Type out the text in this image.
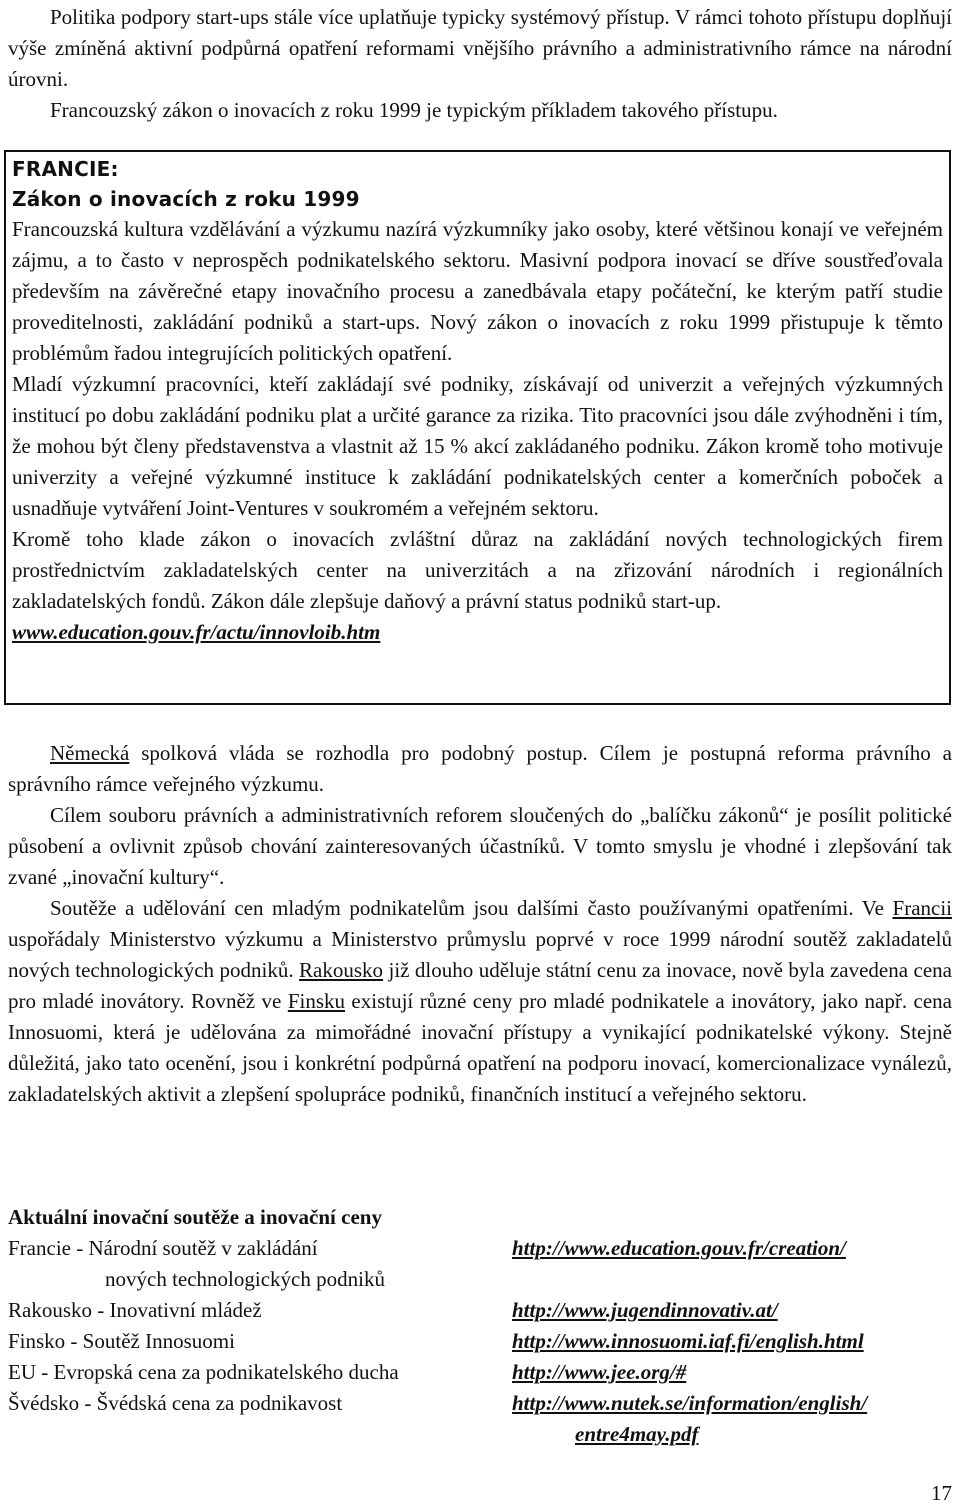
Politika podpory start-ups stále více uplatňuje typicky systémový přístup. V rámci tohoto přístupu doplňují výše zmíněná aktivní podpůrná opatření reformami vnějšího právního a administrativního rámce na národní úrovni.

Francouzský zákon o inovacích z roku 1999 je typickým příkladem takového přístupu.

FRANCIE:
Zákon o inovacích z roku 1999

Francouzská kultura vzdělávání a výzkumu nazírá výzkumníky jako osoby, které většinou konají ve veřejném zájmu, a to často v neprospěch podnikatelského sektoru. Masivní podpora inovací se dříve soustřeďovala především na závěrečné etapy inovačního procesu a zanedbávala etapy počáteční, ke kterým patří studie proveditelnosti, zakládání podniků a start-ups. Nový zákon o inovacích z roku 1999 přistupuje k těmto problémům řadou integrujících politických opatření.

Mladí výzkumní pracovníci, kteří zakládají své podniky, získávají od univerzit a veřejných výzkumných institucí po dobu zakládání podniku plat a určité garance za rizika. Tito pracovníci jsou dále zvýhodněni i tím, že mohou být členy představenstva a vlastnit až 15 % akcí zakládaného podniku. Zákon kromě toho motivuje univerzity a veřejné výzkumné instituce k zakládání podnikatelských center a komerčních poboček a usnadňuje vytváření Joint-Ventures v soukromém a veřejném sektoru.

Kromě toho klade zákon o inovacích zvláštní důraz na zakládání nových technologických firem prostřednictvím zakladatelských center na univerzitách a na zřizování národních i regionálních zakladatelských fondů. Zákon dále zlepšuje daňový a právní status podniků start-up.

www.education.gouv.fr/actu/innovloib.htm

Německá spolková vláda se rozhodla pro podobný postup. Cílem je postupná reforma právního a správního rámce veřejného výzkumu.

Cílem souboru právních a administrativních reforem sloučených do „balíčku zákonů“ je posílit politické působení a ovlivnit způsob chování zainteresovaných účastníků. V tomto smyslu je vhodné i zlepšování tak zvané „inovační kultury“.

Soutěže a udělování cen mladým podnikatelům jsou dalšími často používanými opatřeními. Ve Francii uspořádaly Ministerstvo výzkumu a Ministerstvo průmyslu poprvé v roce 1999 národní soutěž zakladatelů nových technologických podniků. Rakousko již dlouho uděluje státní cenu za inovace, nově byla zavedena cena pro mladé inovátory. Rovněž ve Finsku existují různé ceny pro mladé podnikatele a inovátory, jako např. cena Innosuomi, která je udělována za mimořádné inovační přístupy a vynikající podnikatelské výkony. Stejně důležitá, jako tato ocenění, jsou i konkrétní podpůrná opatření na podporu inovací, komercionalizace vynálezů, zakladatelských aktivit a zlepšení spolupráce podniků, finančních institucí a veřejného sektoru.

Aktuální inovační soutěže a inovační ceny
Francie - Národní soutěž v zakládání	http://www.education.gouv.fr/creation/
nových technologických podniků
Rakousko - Inovativní mládež	http://www.jugendinnovativ.at/
Finsko - Soutěž Innosuomi	http://www.innosuomi.iaf.fi/english.html
EU - Evropská cena za podnikatelského ducha	http://www.jee.org/#
Švédsko - Švédská cena za podnikavost	http://www.nutek.se/information/english/
entre4may.pdf
17
